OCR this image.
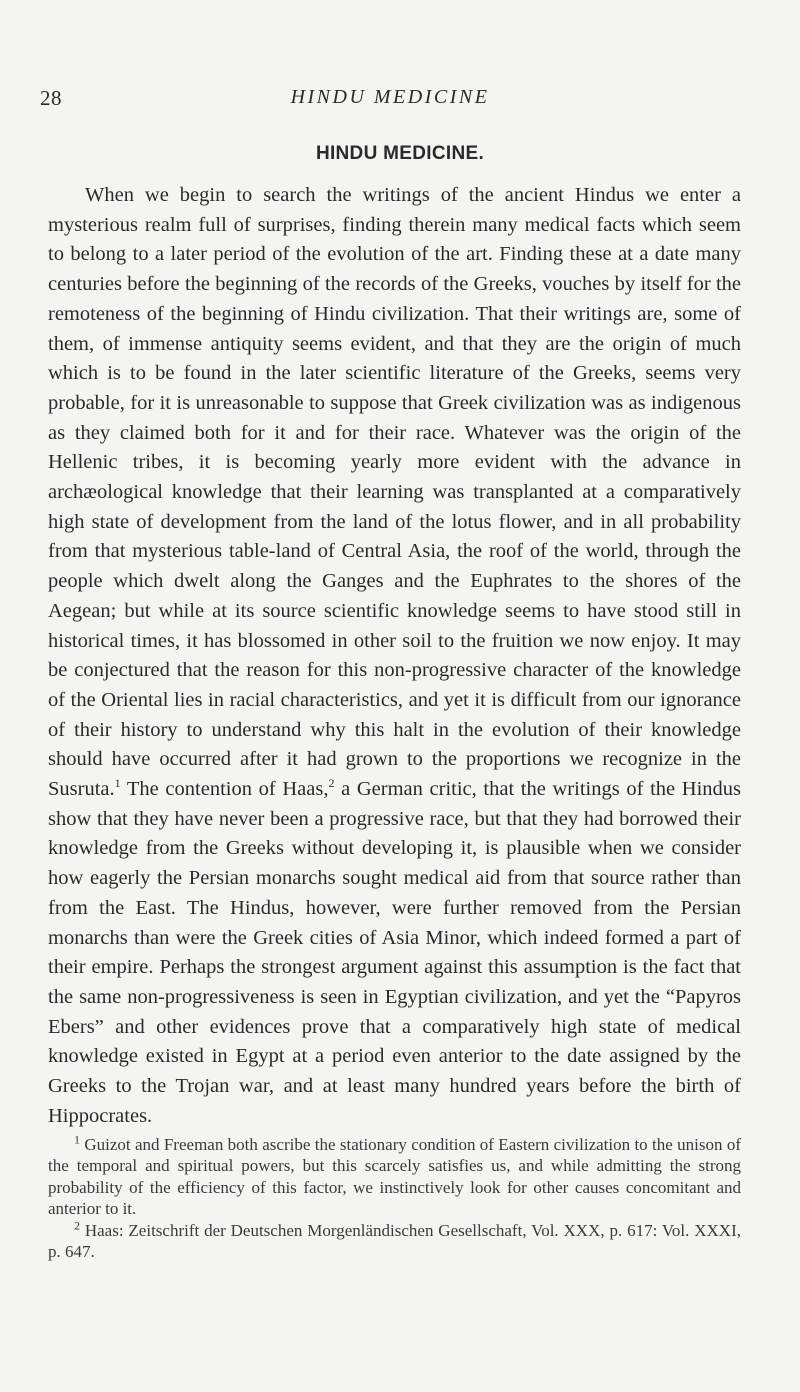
28	HINDU MEDICINE
HINDU MEDICINE.

When we begin to search the writings of the ancient Hindus we enter a mysterious realm full of surprises, finding therein many medical facts which seem to belong to a later period of the evolution of the art. Finding these at a date many centuries before the beginning of the records of the Greeks, vouches by itself for the remoteness of the beginning of Hindu civilization. That their writings are, some of them, of immense antiquity seems evident, and that they are the origin of much which is to be found in the later scientific literature of the Greeks, seems very probable, for it is unreasonable to suppose that Greek civilization was as indigenous as they claimed both for it and for their race. Whatever was the origin of the Hellenic tribes, it is becoming yearly more evident with the advance in archæological knowledge that their learning was transplanted at a comparatively high state of development from the land of the lotus flower, and in all probability from that mysterious table-land of Central Asia, the roof of the world, through the people which dwelt along the Ganges and the Euphrates to the shores of the Aegean; but while at its source scientific knowledge seems to have stood still in historical times, it has blossomed in other soil to the fruition we now enjoy. It may be conjectured that the reason for this non-progressive character of the knowledge of the Oriental lies in racial characteristics, and yet it is difficult from our ignorance of their history to understand why this halt in the evolution of their knowledge should have occurred after it had grown to the proportions we recognize in the Susruta.$^1$ The contention of Haas,$^2$ a German critic, that the writings of the Hindus show that they have never been a progressive race, but that they had borrowed their knowledge from the Greeks without developing it, is plausible when we consider how eagerly the Persian monarchs sought medical aid from that source rather than from the East. The Hindus, however, were further removed from the Persian monarchs than were the Greek cities of Asia Minor, which indeed formed a part of their empire. Perhaps the strongest argument against this assumption is the fact that the same non-progressiveness is seen in Egyptian civilization, and yet the “Papyros Ebers” and other evidences prove that a comparatively high state of medical knowledge existed in Egypt at a period even anterior to the date assigned by the Greeks to the Trojan war, and at least many hundred years before the birth of Hippocrates.

$^1$ Guizot and Freeman both ascribe the stationary condition of Eastern civilization to the unison of the temporal and spiritual powers, but this scarcely satisfies us, and while admitting the strong probability of the efficiency of this factor, we instinctively look for other causes concomitant and anterior to it.

$^2$ Haas: Zeitschrift der Deutschen Morgenländischen Gesellschaft, Vol. XXX, p. 617: Vol. XXXI, p. 647.
